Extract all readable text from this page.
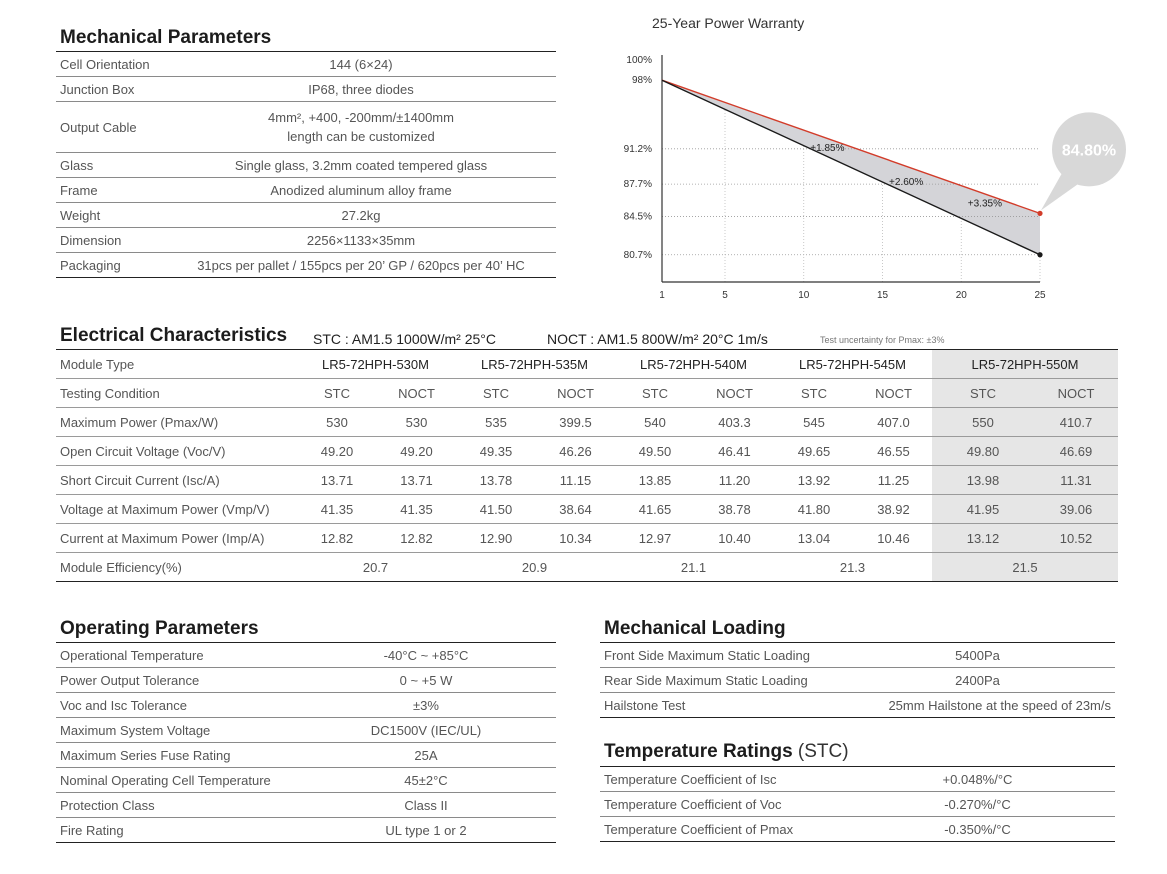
Mechanical Parameters
Cell Orientation	144 (6×24)
Junction Box	IP68, three diodes
Output Cable	4mm², +400, -200mm/±1400mm
length can be customized

Glass	Single glass, 3.2mm coated tempered glass
Frame	Anodized aluminum alloy frame
Weight	27.2kg
Dimension	2256×1133×35mm
Packaging	31pcs per pallet / 155pcs per 20’ GP / 620pcs per 40’ HC
25-Year Power Warranty
100%
98%
91.2%
87.7%
84.5%
80.7%
1	5	10	15	20	25
+1.85%
+2.60%
+3.35%
84.80%
Electrical Characteristics STC : AM1.5 1000W/m² 25°C	NOCT : AM1.5 800W/m² 20°C 1m/s	Test uncertainty for Pmax: ±3%
Module Type	LR5-72HPH-530M		LR5-72HPH-535M		LR5-72HPH-540M		LR5-72HPH-545M		LR5-72HPH-550M	
Testing Condition	STC	NOCT	STC	NOCT	STC	NOCT	STC	NOCT	STC	NOCT
Maximum Power (Pmax/W)	530	530	535	399.5	540	403.3	545	407.0	550	410.7
Open Circuit Voltage (Voc/V)	49.20	49.20	49.35	46.26	49.50	46.41	49.65	46.55	49.80	46.69
Short Circuit Current (Isc/A)	13.71	13.71	13.78	11.15	13.85	11.20	13.92	11.25	13.98	11.31
Voltage at Maximum Power (Vmp/V)	41.35	41.35	41.50	38.64	41.65	38.78	41.80	38.92	41.95	39.06
Current at Maximum Power (Imp/A)	12.82	12.82	12.90	10.34	12.97	10.40	13.04	10.46	13.12	10.52
Module Efficiency(%)	20.7		20.9		21.1		21.3		21.5	
Operating Parameters
Operational Temperature	-40°C ~ +85°C
Power Output Tolerance	0 ~ +5 W
Voc and Isc Tolerance	±3%
Maximum System Voltage	DC1500V (IEC/UL)
Maximum Series Fuse Rating	25A
Nominal Operating Cell Temperature	45±2°C
Protection Class	Class II
Fire Rating	UL type 1 or 2
Mechanical Loading
Front Side Maximum Static Loading	5400Pa
Rear Side Maximum Static Loading	2400Pa
Hailstone Test	25mm Hailstone at the speed of 23m/s
Temperature Ratings (STC)
Temperature Coefficient of Isc	+0.048%/°C
Temperature Coefficient of Voc	-0.270%/°C
Temperature Coefficient of Pmax	-0.350%/°C
